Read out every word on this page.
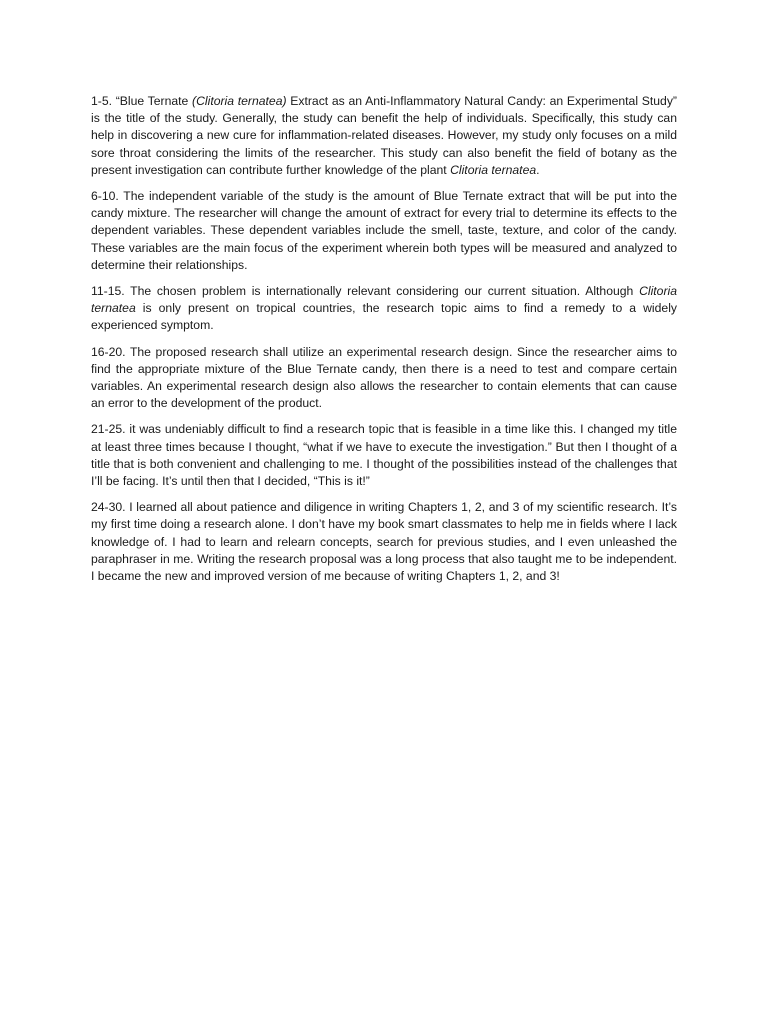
1-5. “Blue Ternate (Clitoria ternatea) Extract as an Anti-Inflammatory Natural Candy: an Experimental Study” is the title of the study. Generally, the study can benefit the help of individuals. Specifically, this study can help in discovering a new cure for inflammation-related diseases. However, my study only focuses on a mild sore throat considering the limits of the researcher. This study can also benefit the field of botany as the present investigation can contribute further knowledge of the plant Clitoria ternatea.

6-10. The independent variable of the study is the amount of Blue Ternate extract that will be put into the candy mixture. The researcher will change the amount of extract for every trial to determine its effects to the dependent variables. These dependent variables include the smell, taste, texture, and color of the candy. These variables are the main focus of the experiment wherein both types will be measured and analyzed to determine their relationships.

11-15. The chosen problem is internationally relevant considering our current situation. Although Clitoria ternatea is only present on tropical countries, the research topic aims to find a remedy to a widely experienced symptom.

16-20. The proposed research shall utilize an experimental research design. Since the researcher aims to find the appropriate mixture of the Blue Ternate candy, then there is a need to test and compare certain variables. An experimental research design also allows the researcher to contain elements that can cause an error to the development of the product.

21-25. it was undeniably difficult to find a research topic that is feasible in a time like this. I changed my title at least three times because I thought, “what if we have to execute the investigation.” But then I thought of a title that is both convenient and challenging to me. I thought of the possibilities instead of the challenges that I’ll be facing. It’s until then that I decided, “This is it!”

24-30. I learned all about patience and diligence in writing Chapters 1, 2, and 3 of my scientific research. It’s my first time doing a research alone. I don’t have my book smart classmates to help me in fields where I lack knowledge of. I had to learn and relearn concepts, search for previous studies, and I even unleashed the paraphraser in me. Writing the research proposal was a long process that also taught me to be independent. I became the new and improved version of me because of writing Chapters 1, 2, and 3!
